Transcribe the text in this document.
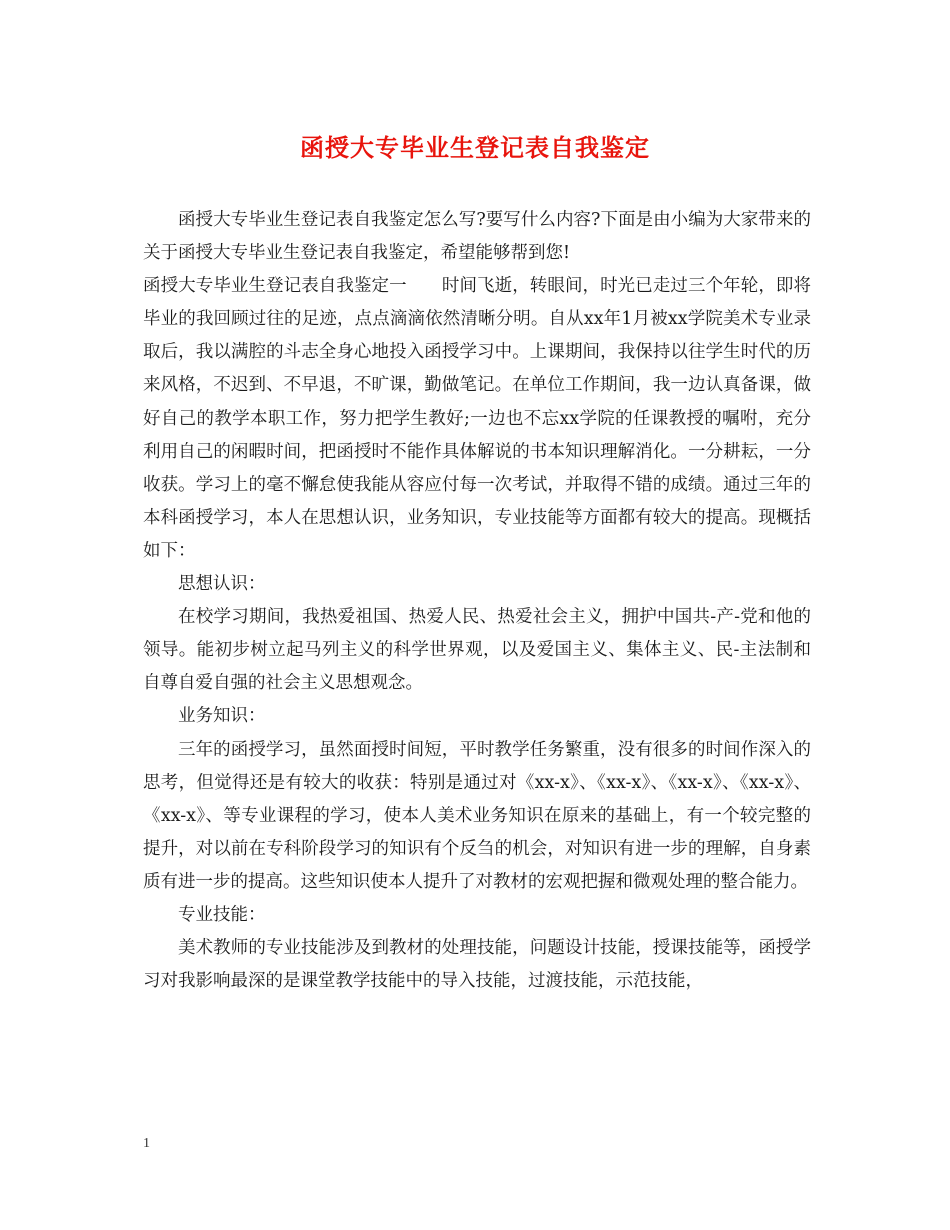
函授大专毕业生登记表自我鉴定

函授大专毕业生登记表自我鉴定怎么写?要写什么内容?下面是由小编为大家带来的关于函授大专毕业生登记表自我鉴定，希望能够帮到您!

函授大专毕业生登记表自我鉴定一　　时间飞逝，转眼间，时光已走过三个年轮，即将毕业的我回顾过往的足迹，点点滴滴依然清晰分明。自从xx年1月被xx学院美术专业录取后，我以满腔的斗志全身心地投入函授学习中。上课期间，我保持以往学生时代的历来风格，不迟到、不早退，不旷课，勤做笔记。在单位工作期间，我一边认真备课，做好自己的教学本职工作，努力把学生教好;一边也不忘xx学院的任课教授的嘱咐，充分利用自己的闲暇时间，把函授时不能作具体解说的书本知识理解消化。一分耕耘，一分收获。学习上的毫不懈怠使我能从容应付每一次考试，并取得不错的成绩。通过三年的本科函授学习，本人在思想认识，业务知识，专业技能等方面都有较大的提高。现概括如下：

思想认识：

在校学习期间，我热爱祖国、热爱人民、热爱社会主义，拥护中国共-产-党和他的领导。能初步树立起马列主义的科学世界观，以及爱国主义、集体主义、民-主法制和自尊自爱自强的社会主义思想观念。

业务知识：

三年的函授学习，虽然面授时间短，平时教学任务繁重，没有很多的时间作深入的思考，但觉得还是有较大的收获：特别是通过对《xx-x》、《xx-x》、《xx-x》、《xx-x》、《xx-x》、等专业课程的学习，使本人美术业务知识在原来的基础上，有一个较完整的提升，对以前在专科阶段学习的知识有个反刍的机会，对知识有进一步的理解，自身素质有进一步的提高。这些知识使本人提升了对教材的宏观把握和微观处理的整合能力。

专业技能：

美术教师的专业技能涉及到教材的处理技能，问题设计技能，授课技能等，函授学习对我影响最深的是课堂教学技能中的导入技能，过渡技能，示范技能，

1
